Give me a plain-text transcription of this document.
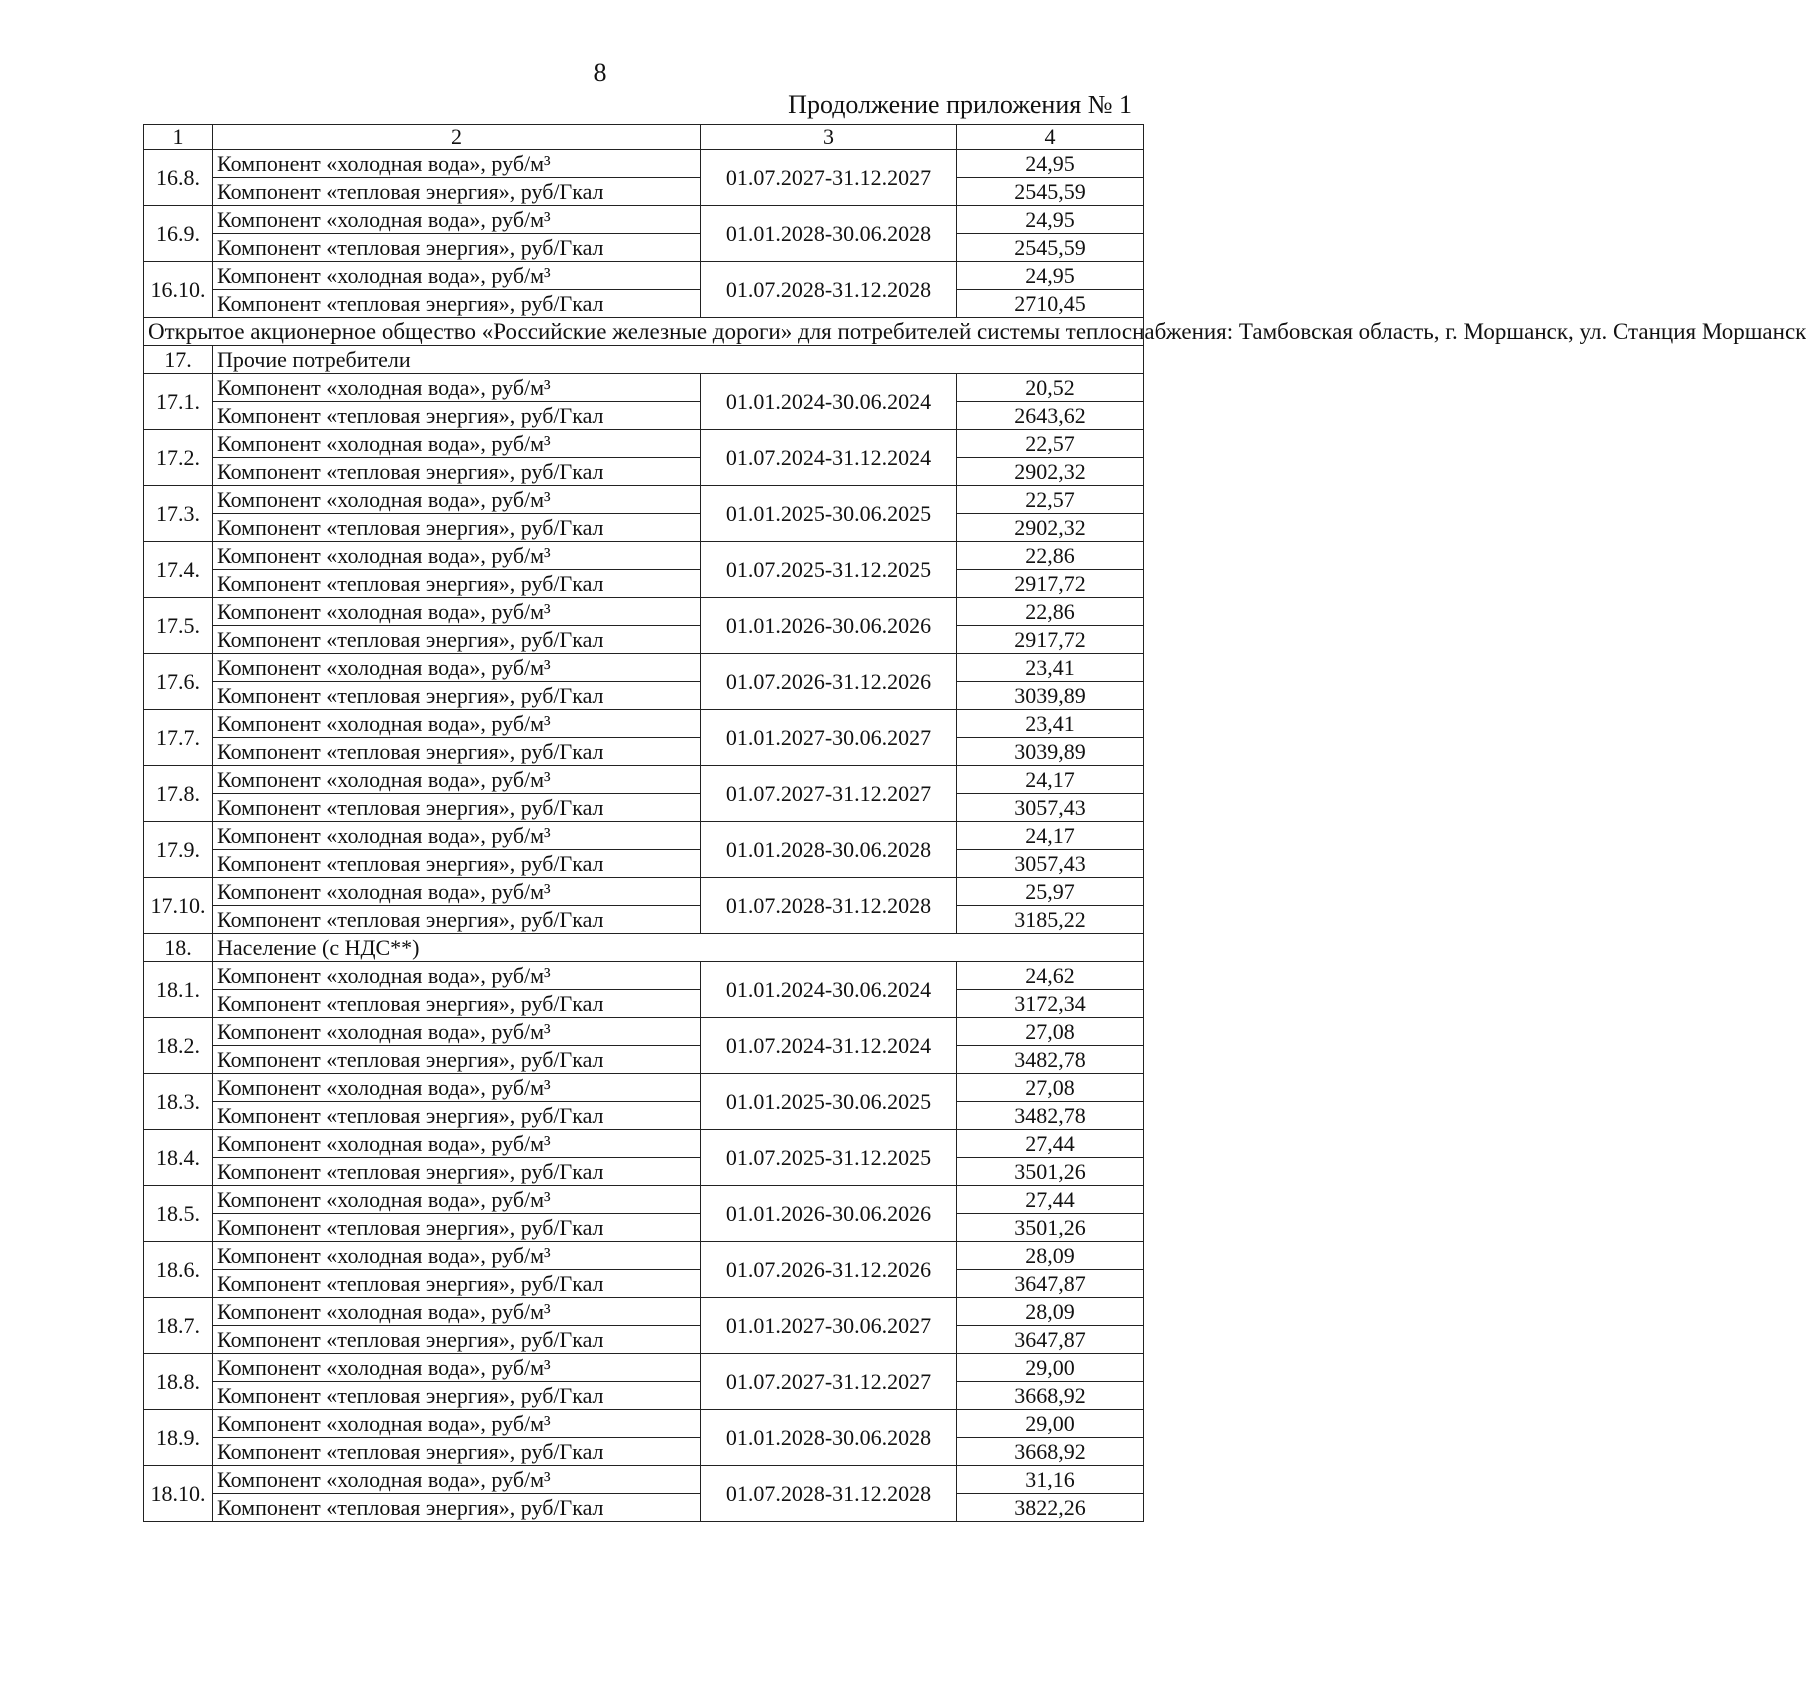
8
Продолжение приложения № 1
1	2	3	4
16.8.	Компонент «холодная вода», руб/м³	01.07.2027-31.12.2027	24,95
	Компонент «тепловая энергия», руб/Гкал		2545,59
16.9.	Компонент «холодная вода», руб/м³	01.01.2028-30.06.2028	24,95
	Компонент «тепловая энергия», руб/Гкал		2545,59
16.10.	Компонент «холодная вода», руб/м³	01.07.2028-31.12.2028	24,95
	Компонент «тепловая энергия», руб/Гкал		2710,45
Открытое акционерное общество «Российские железные дороги» для потребителей системы теплоснабжения: Тамбовская область, г. Моршанск, ул. Станция Моршанск			
17.	Прочие потребители		
17.1.	Компонент «холодная вода», руб/м³	01.01.2024-30.06.2024	20,52
	Компонент «тепловая энергия», руб/Гкал		2643,62
17.2.	Компонент «холодная вода», руб/м³	01.07.2024-31.12.2024	22,57
	Компонент «тепловая энергия», руб/Гкал		2902,32
17.3.	Компонент «холодная вода», руб/м³	01.01.2025-30.06.2025	22,57
	Компонент «тепловая энергия», руб/Гкал		2902,32
17.4.	Компонент «холодная вода», руб/м³	01.07.2025-31.12.2025	22,86
	Компонент «тепловая энергия», руб/Гкал		2917,72
17.5.	Компонент «холодная вода», руб/м³	01.01.2026-30.06.2026	22,86
	Компонент «тепловая энергия», руб/Гкал		2917,72
17.6.	Компонент «холодная вода», руб/м³	01.07.2026-31.12.2026	23,41
	Компонент «тепловая энергия», руб/Гкал		3039,89
17.7.	Компонент «холодная вода», руб/м³	01.01.2027-30.06.2027	23,41
	Компонент «тепловая энергия», руб/Гкал		3039,89
17.8.	Компонент «холодная вода», руб/м³	01.07.2027-31.12.2027	24,17
	Компонент «тепловая энергия», руб/Гкал		3057,43
17.9.	Компонент «холодная вода», руб/м³	01.01.2028-30.06.2028	24,17
	Компонент «тепловая энергия», руб/Гкал		3057,43
17.10.	Компонент «холодная вода», руб/м³	01.07.2028-31.12.2028	25,97
	Компонент «тепловая энергия», руб/Гкал		3185,22
18.	Население (с НДС**)		
18.1.	Компонент «холодная вода», руб/м³	01.01.2024-30.06.2024	24,62
	Компонент «тепловая энергия», руб/Гкал		3172,34
18.2.	Компонент «холодная вода», руб/м³	01.07.2024-31.12.2024	27,08
	Компонент «тепловая энергия», руб/Гкал		3482,78
18.3.	Компонент «холодная вода», руб/м³	01.01.2025-30.06.2025	27,08
	Компонент «тепловая энергия», руб/Гкал		3482,78
18.4.	Компонент «холодная вода», руб/м³	01.07.2025-31.12.2025	27,44
	Компонент «тепловая энергия», руб/Гкал		3501,26
18.5.	Компонент «холодная вода», руб/м³	01.01.2026-30.06.2026	27,44
	Компонент «тепловая энергия», руб/Гкал		3501,26
18.6.	Компонент «холодная вода», руб/м³	01.07.2026-31.12.2026	28,09
	Компонент «тепловая энергия», руб/Гкал		3647,87
18.7.	Компонент «холодная вода», руб/м³	01.01.2027-30.06.2027	28,09
	Компонент «тепловая энергия», руб/Гкал		3647,87
18.8.	Компонент «холодная вода», руб/м³	01.07.2027-31.12.2027	29,00
	Компонент «тепловая энергия», руб/Гкал		3668,92
18.9.	Компонент «холодная вода», руб/м³	01.01.2028-30.06.2028	29,00
	Компонент «тепловая энергия», руб/Гкал		3668,92
18.10.	Компонент «холодная вода», руб/м³	01.07.2028-31.12.2028	31,16
	Компонент «тепловая энергия», руб/Гкал		3822,26
